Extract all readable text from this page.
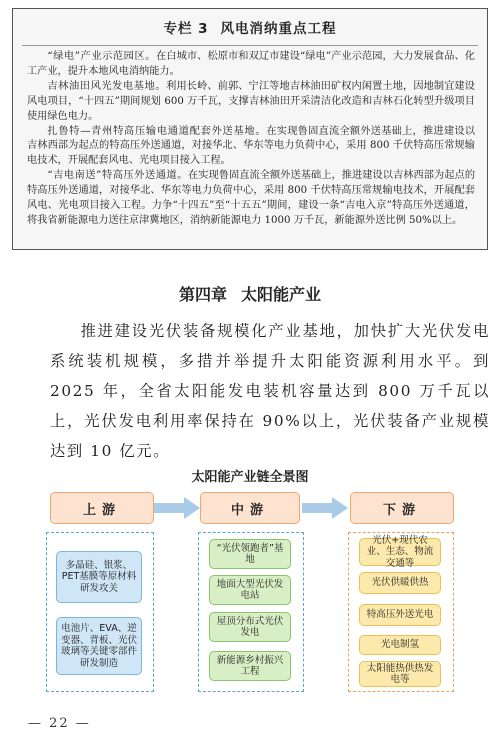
专栏 3 风电消纳重点工程

“绿电”产业示范园区。在白城市、松原市和双辽市建设“绿电”产业示范园，大力发展食品、化工产业，提升本地风电消纳能力。

吉林油田风光发电基地。利用长岭、前郭、宁江等地吉林油田矿权内闲置土地，因地制宜建设风电项目，“十四五”期间规划 600 万千瓦，支撑吉林油田开采清洁化改造和吉林石化转型升级项目使用绿色电力。

扎鲁特—青州特高压输电通道配套外送基地。在实现鲁固直流全额外送基础上，推进建设以吉林西部为起点的特高压外送通道，对接华北、华东等电力负荷中心，采用 800 千伏特高压常规输电技术，开展配套风电、光电项目接入工程。

“吉电南送”特高压外送通道。在实现鲁固直流全额外送基础上，推进建设以吉林西部为起点的特高压外送通道，对接华北、华东等电力负荷中心，采用 800 千伏特高压常规输电技术，开展配套风电、光电项目接入工程。力争“十四五”至“十五五”期间，建设一条“吉电入京”特高压外送通道，将我省新能源电力送往京津冀地区，消纳新能源电力 1000 万千瓦，新能源外送比例 50%以上。

第四章 太阳能产业
推进建设光伏装备规模化产业基地，加快扩大光伏发电系统装机规模，多措并举提升太阳能资源利用水平。到 2025 年，全省太阳能发电装机容量达到 800 万千瓦以上，光伏发电利用率保持在 90%以上，光伏装备产业规模达到 10 亿元。
太阳能产业链全景图
上游	中游	下游
多晶硅、银浆、PET基膜等原材料研发攻关
电池片、EVA、逆变器、背板、光伏玻璃等关键零部件研发制造
“光伏领跑者”基地
地面大型光伏发电站
屋顶分布式光伏发电
新能源乡村振兴工程
光伏+现代农业、生态、物流交通等
光伏供暖供热
特高压外送光电
光电制氢
太阳能热供热发电等
— 22 —
